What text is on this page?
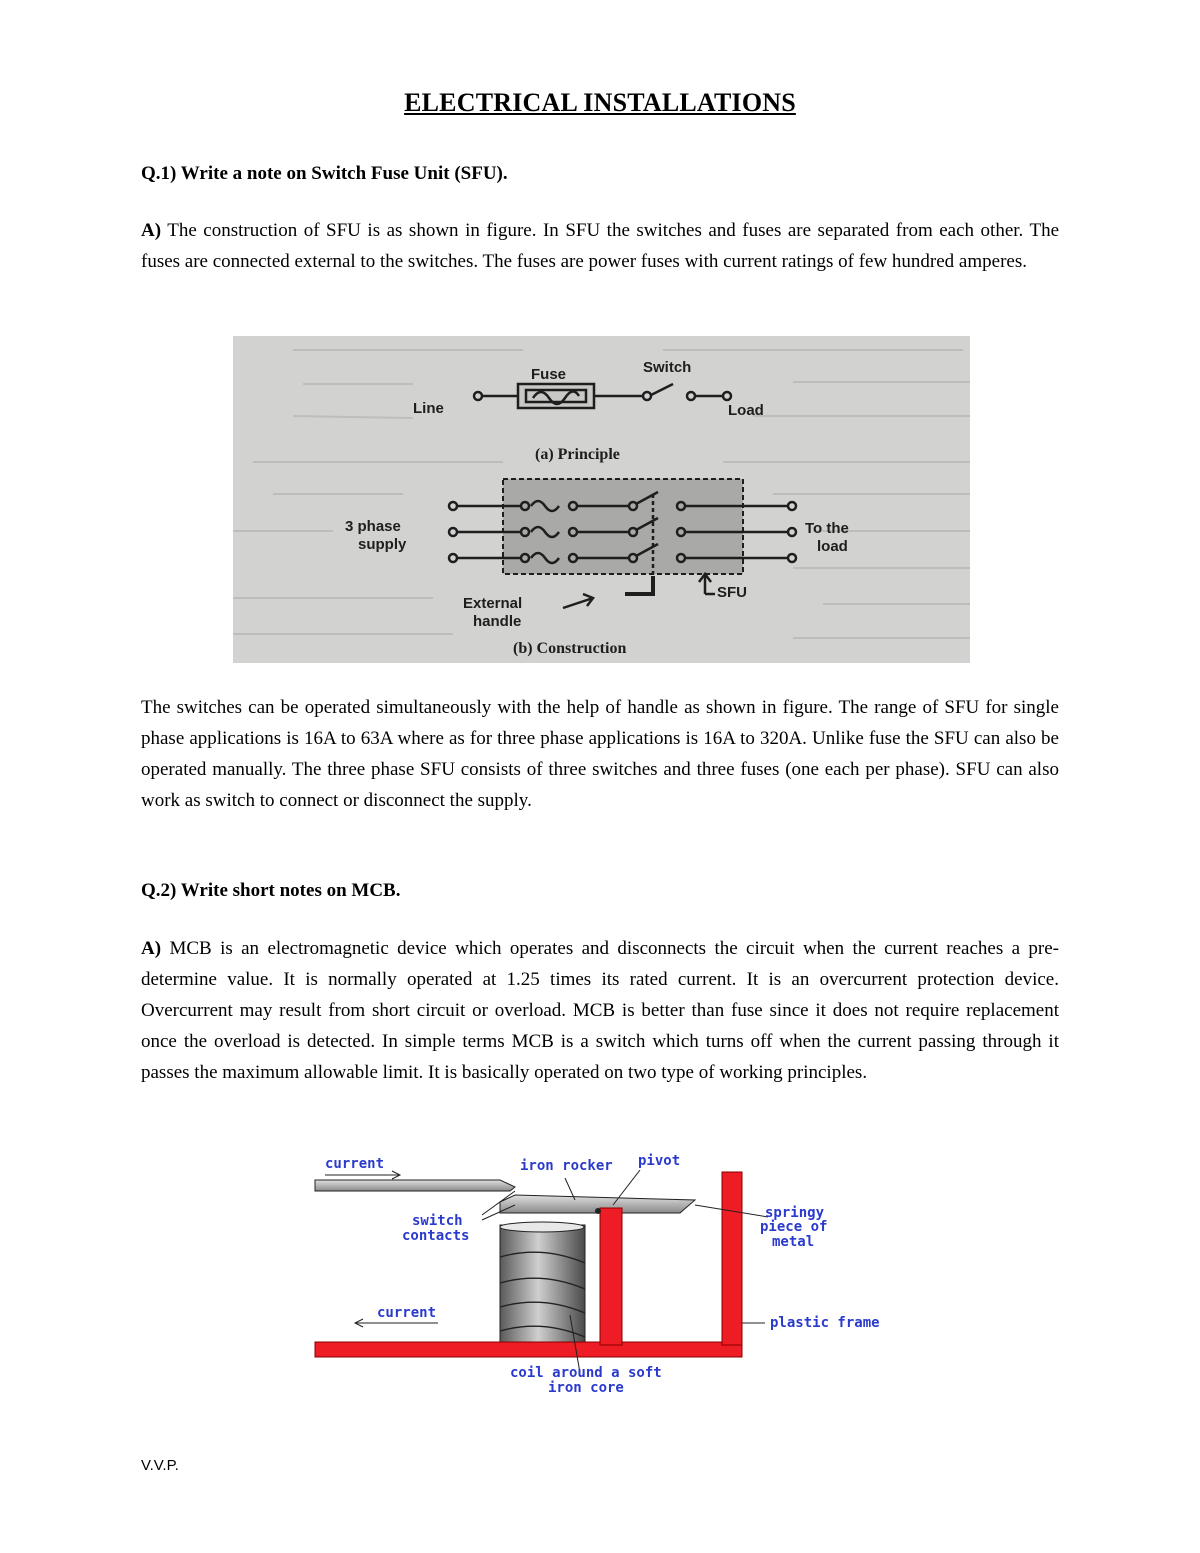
ELECTRICAL INSTALLATIONS
Q.1) Write a note on Switch Fuse Unit (SFU).
A) The construction of SFU is as shown in figure. In SFU the switches and fuses are separated from each other. The fuses are connected external to the switches. The fuses are power fuses with current ratings of few hundred amperes.
Line
Fuse	Switch
Load
(a) Principle
3 phase
supply
To the
load
SFU
External
handle
(b) Construction
The switches can be operated simultaneously with the help of handle as shown in figure. The range of SFU for single phase applications is 16A to 63A where as for three phase applications is 16A to 320A. Unlike fuse the SFU can also be operated manually. The three phase SFU consists of three switches and three fuses (one each per phase). SFU can also work as switch to connect or disconnect the supply.
Q.2) Write short notes on MCB.
A) MCB is an electromagnetic device which operates and disconnects the circuit when the current reaches a pre-determine value. It is normally operated at 1.25 times its rated current. It is an overcurrent protection device. Overcurrent may result from short circuit or overload. MCB is better than fuse since it does not require replacement once the overload is detected. In simple terms MCB is a switch which turns off when the current passing through it passes the maximum allowable limit. It is basically operated on two type of working principles.
current	iron rocker pivot
switch
contacts
springy
piece of
metal
current
plastic frame
coil around a soft
iron core
V.V.P.
